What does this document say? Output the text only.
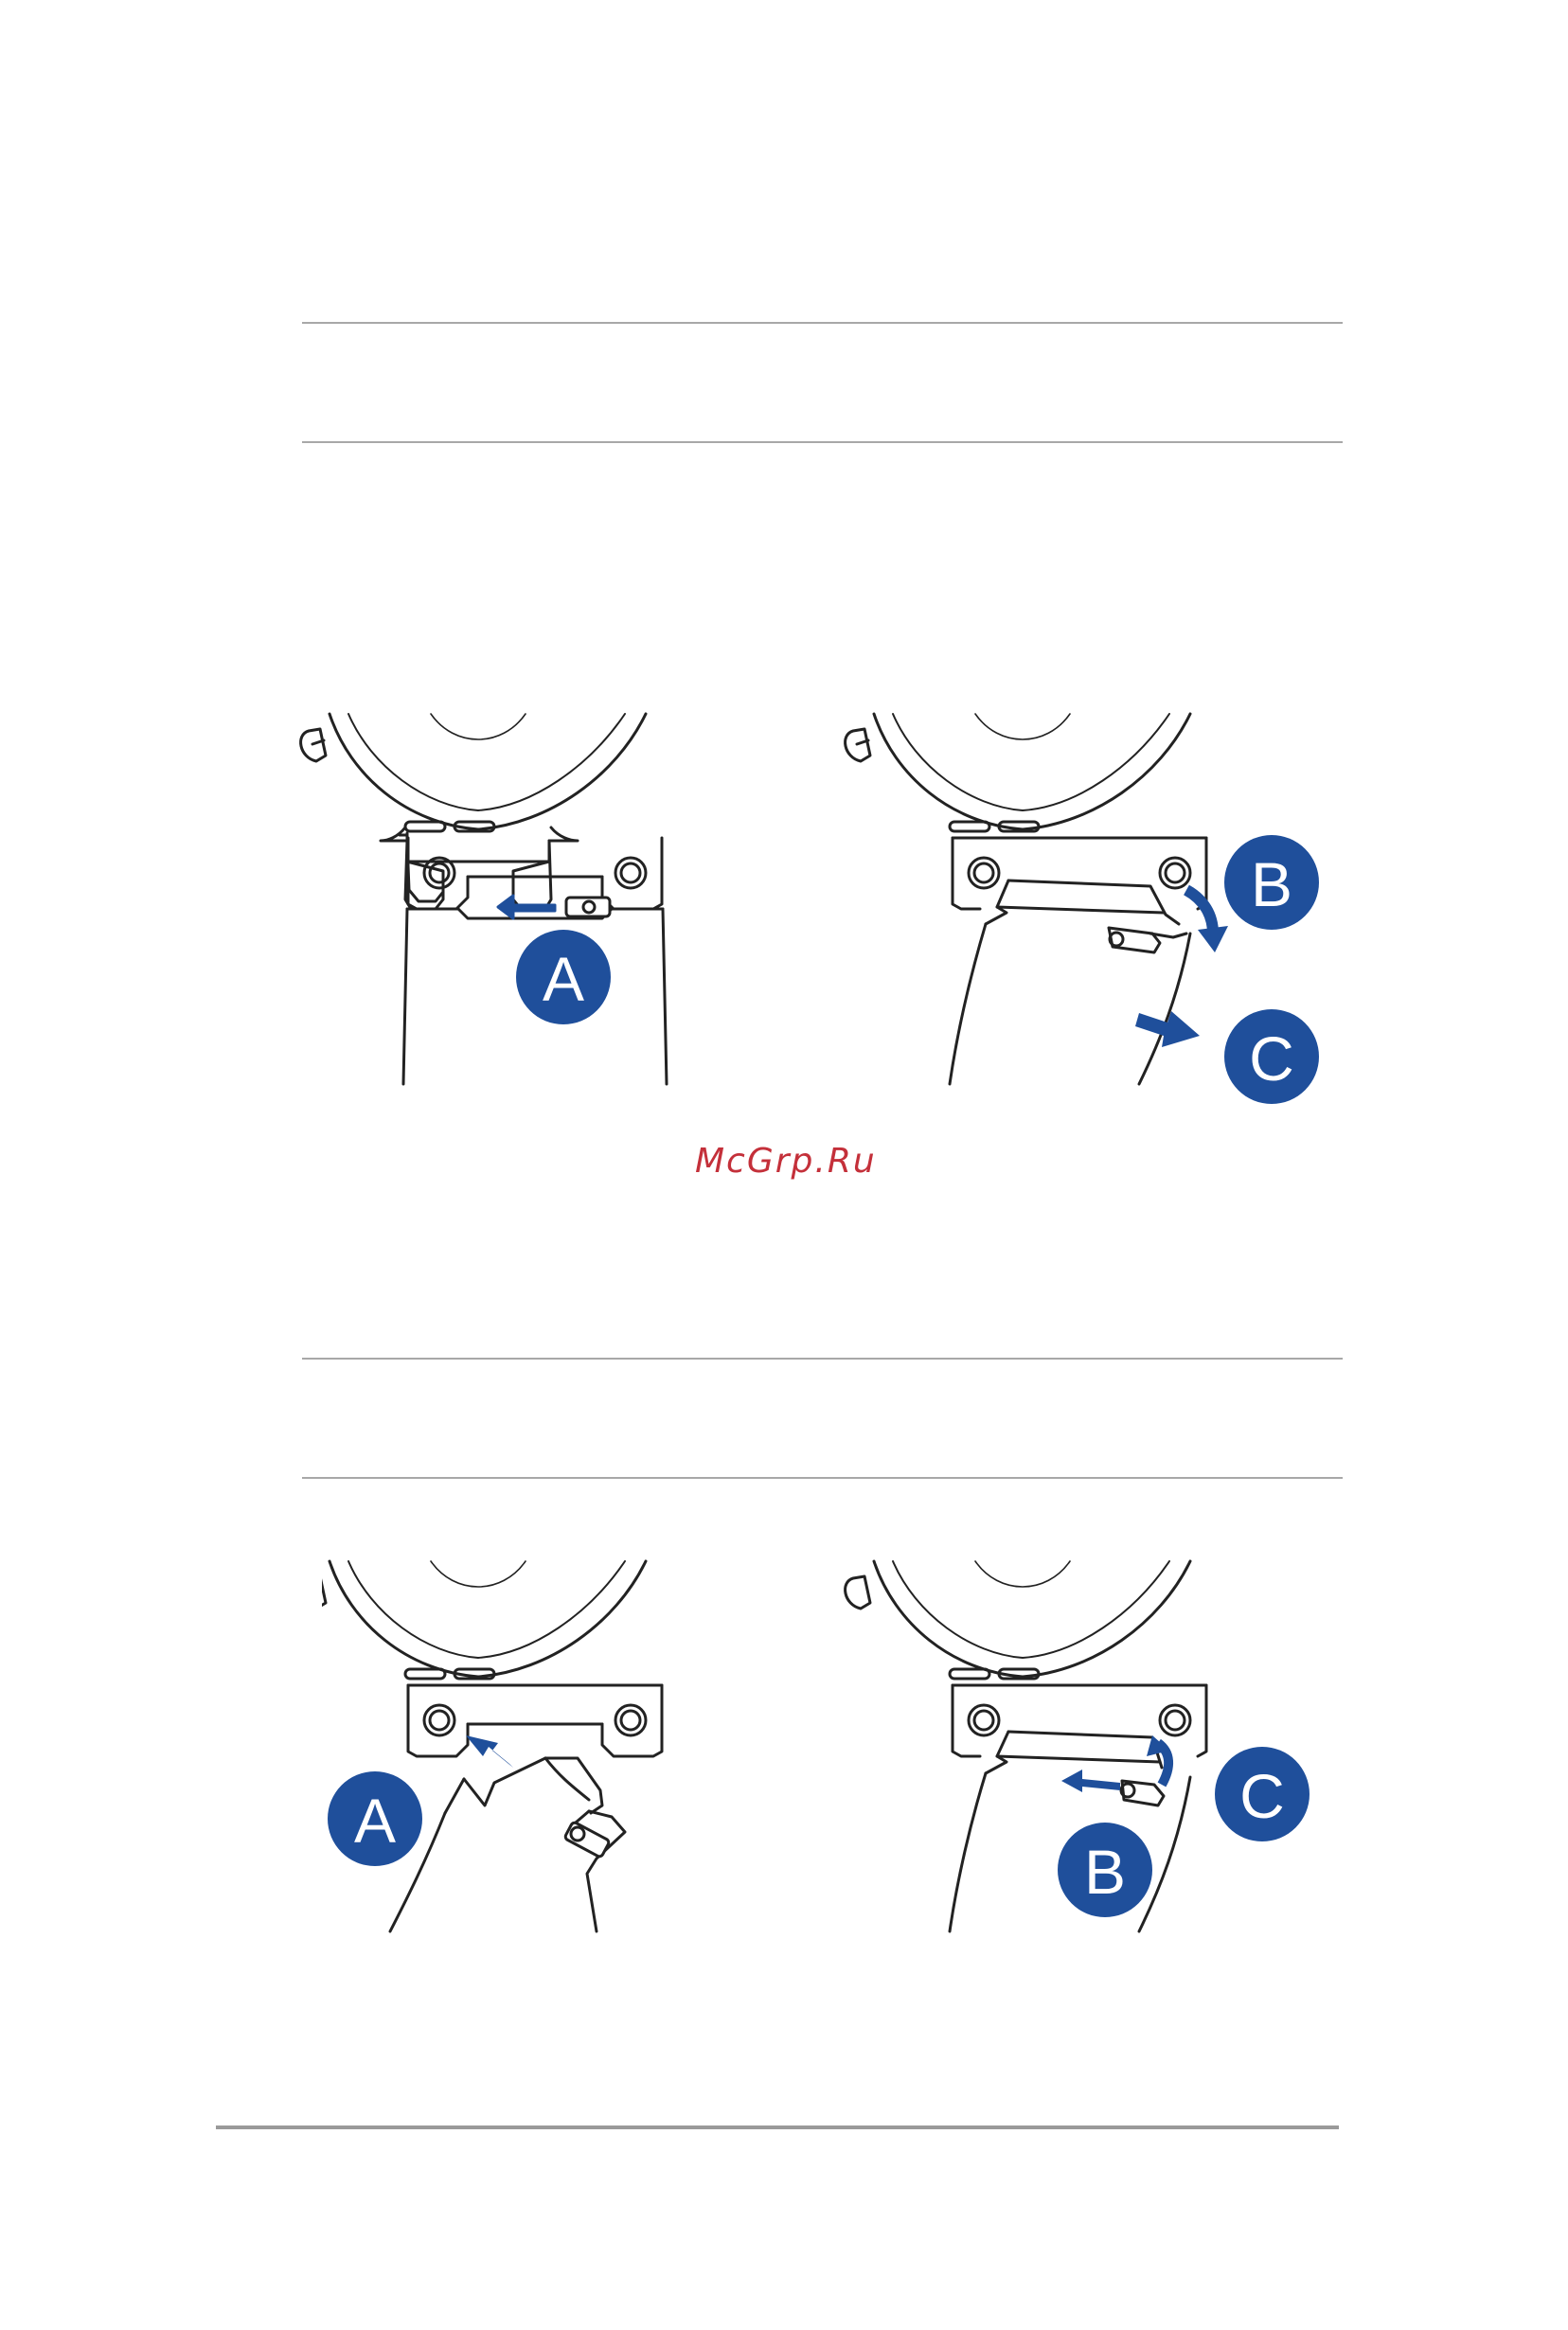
A
B
C
McGrp.Ru
A	C
B
